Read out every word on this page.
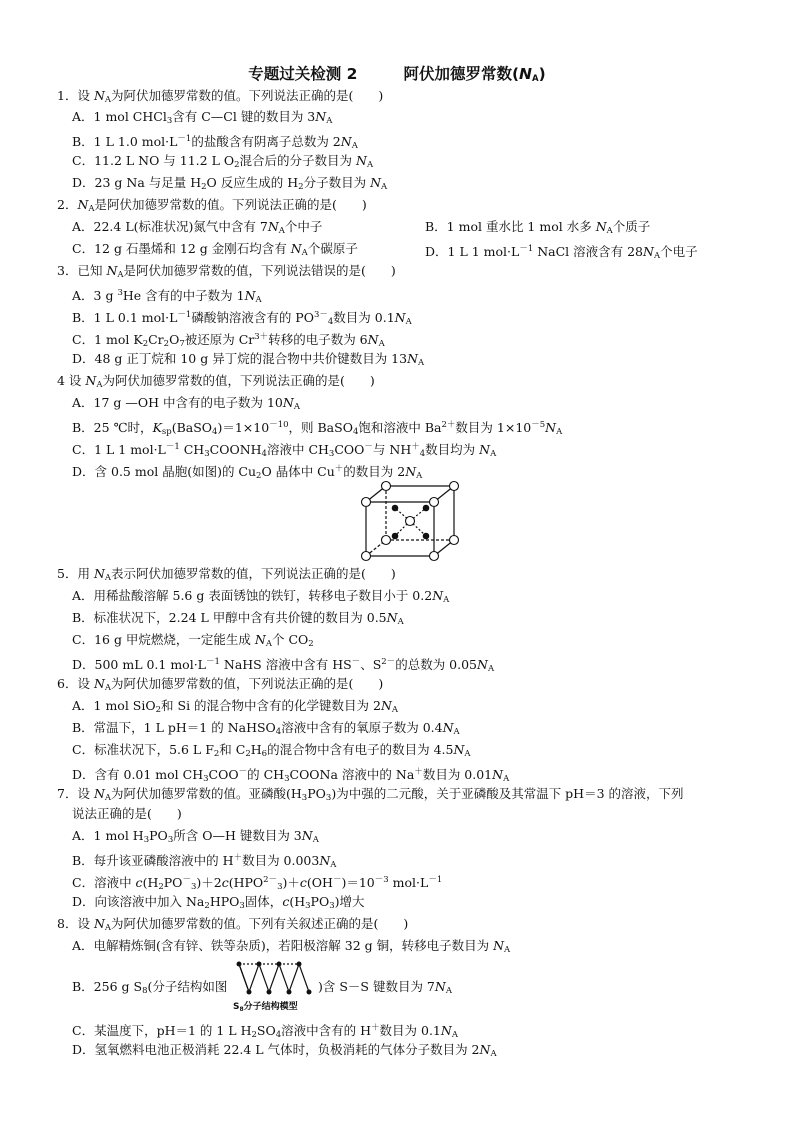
专题过关检测 2	阿伏加德罗常数$(N_A)$
1．设 $N_A$为阿伏加德罗常数的值。下列说法正确的是(　　)
A．1 mol CHCl$_3$含有 C—Cl 键的数目为 $3N_A$
B．1 L 1.0 $mol\cdot L^{-1}$的盐酸含有阴离子总数为 $2N_A$
C．11.2 L NO 与 11.2 L $O_2$混合后的分子数目为 $N_A$
D．23 g Na 与足量 $H_2O$ 反应生成的 $H_2$分子数目为 $N_A$
2．$N_A$是阿伏加德罗常数的值。下列说法正确的是(　　)
A．22.4 L(标准状况)氮气中含有 $7N_A$个中子	B．1 mol 重水比 1 mol 水多 $N_A$个质子
C．12 g 石墨烯和 12 g 金刚石均含有 $N_A$个碳原子	D．1 L 1 $mol\cdot L^{-1}$ NaCl 溶液含有 $28N_A$个电子
3．已知 $N_A$是阿伏加德罗常数的值，下列说法错误的是(　　)
A．3 g $^3$He 含有的中子数为 $1N_A$
B．1 L 0.1 $mol\cdot L^{-1}$磷酸钠溶液含有的 $PO^{3-}_4$数目为 $0.1N_A$
C．1 mol $K_2Cr_2O_7$被还原为 $Cr^{3+}$转移的电子数为 $6N_A$
D．48 g 正丁烷和 10 g 异丁烷的混合物中共价键数目为 $13N_A$
4 设 $N_A$为阿伏加德罗常数的值，下列说法正确的是(　　)
A．17 g —OH 中含有的电子数为 $10N_A$
B．25 ℃时，$K_{sp}(BaSO_4)=1\times 10^{-10}$，则 BaSO$_4$饱和溶液中 $Ba^{2+}$数目为 $1\times 10^{-5}N_A$
C．1 L 1 $mol\cdot L^{-1}$ $CH_3COONH_4$溶液中 $CH_3COO^-$与 $NH^+_4$数目均为 $N_A$
D．含 0.5 mol 晶胞(如图)的 $Cu_2O$ 晶体中 Cu＋的数目为 $2N_A$
5．用 $N_A$表示阿伏加德罗常数的值，下列说法正确的是(　　)
A．用稀盐酸溶解 5.6 g 表面锈蚀的铁钉，转移电子数目小于 $0.2N_A$
B．标准状况下，2.24 L 甲醇中含有共价键的数目为 $0.5N_A$
C．16 g 甲烷燃烧，一定能生成 $N_A$个 $CO_2$
D．500 mL 0.1 $mol\cdot L^{-1}$ NaHS 溶液中含有 HS－、$S^{2-}$的总数为 $0.05N_A$
6．设 $N_A$为阿伏加德罗常数的值，下列说法正确的是(　　)
A．1 mol SiO$_2$和 Si 的混合物中含有的化学键数目为 $2N_A$
B．常温下，1 L pH＝1 的 NaHSO$_4$溶液中含有的氧原子数为 $0.4N_A$
C．标准状况下，5.6 L $F_2$和 $C_2H_6$的混合物中含有电子的数目为 $4.5N_A$
D．含有 0.01 mol $CH_3COO^-$的 $CH_3COONa$ 溶液中的 Na＋数目为 $0.01N_A$
7．设 $N_A$为阿伏加德罗常数的值。亚磷酸$(H_3PO_3)$为中强的二元酸，关于亚磷酸及其常温下 pH＝3 的溶液，下列
说法正确的是(　　)
A．1 mol $H_3PO_3$所含 O—H 键数目为 $3N_A$
B．每升该亚磷酸溶液中的 H＋数目为 $0.003N_A$
C．溶液中 $c(H_2PO^-_3)+2c(HPO^{2-}_3)+c(OH^-)=10^{-3}$ $mol\cdot L^{-1}$
D．向该溶液中加入 $Na_2HPO_3$固体，$c(H_3PO_3)$增大
8．设 $N_A$为阿伏加德罗常数的值。下列有关叙述正确的是(　　)
A．电解精炼铜(含有锌、铁等杂质)，若阳极溶解 32 g 铜，转移电子数目为 $N_A$
B．256 g $S_8$(分子结构如图
$S_8$分子结构模型
)含 S－S 键数目为 $7N_A$
C．某温度下，pH＝1 的 1 L $H_2SO_4$溶液中含有的 H＋数目为 $0.1N_A$
D．氢氧燃料电池正极消耗 22.4 L 气体时，负极消耗的气体分子数目为 $2N_A$
